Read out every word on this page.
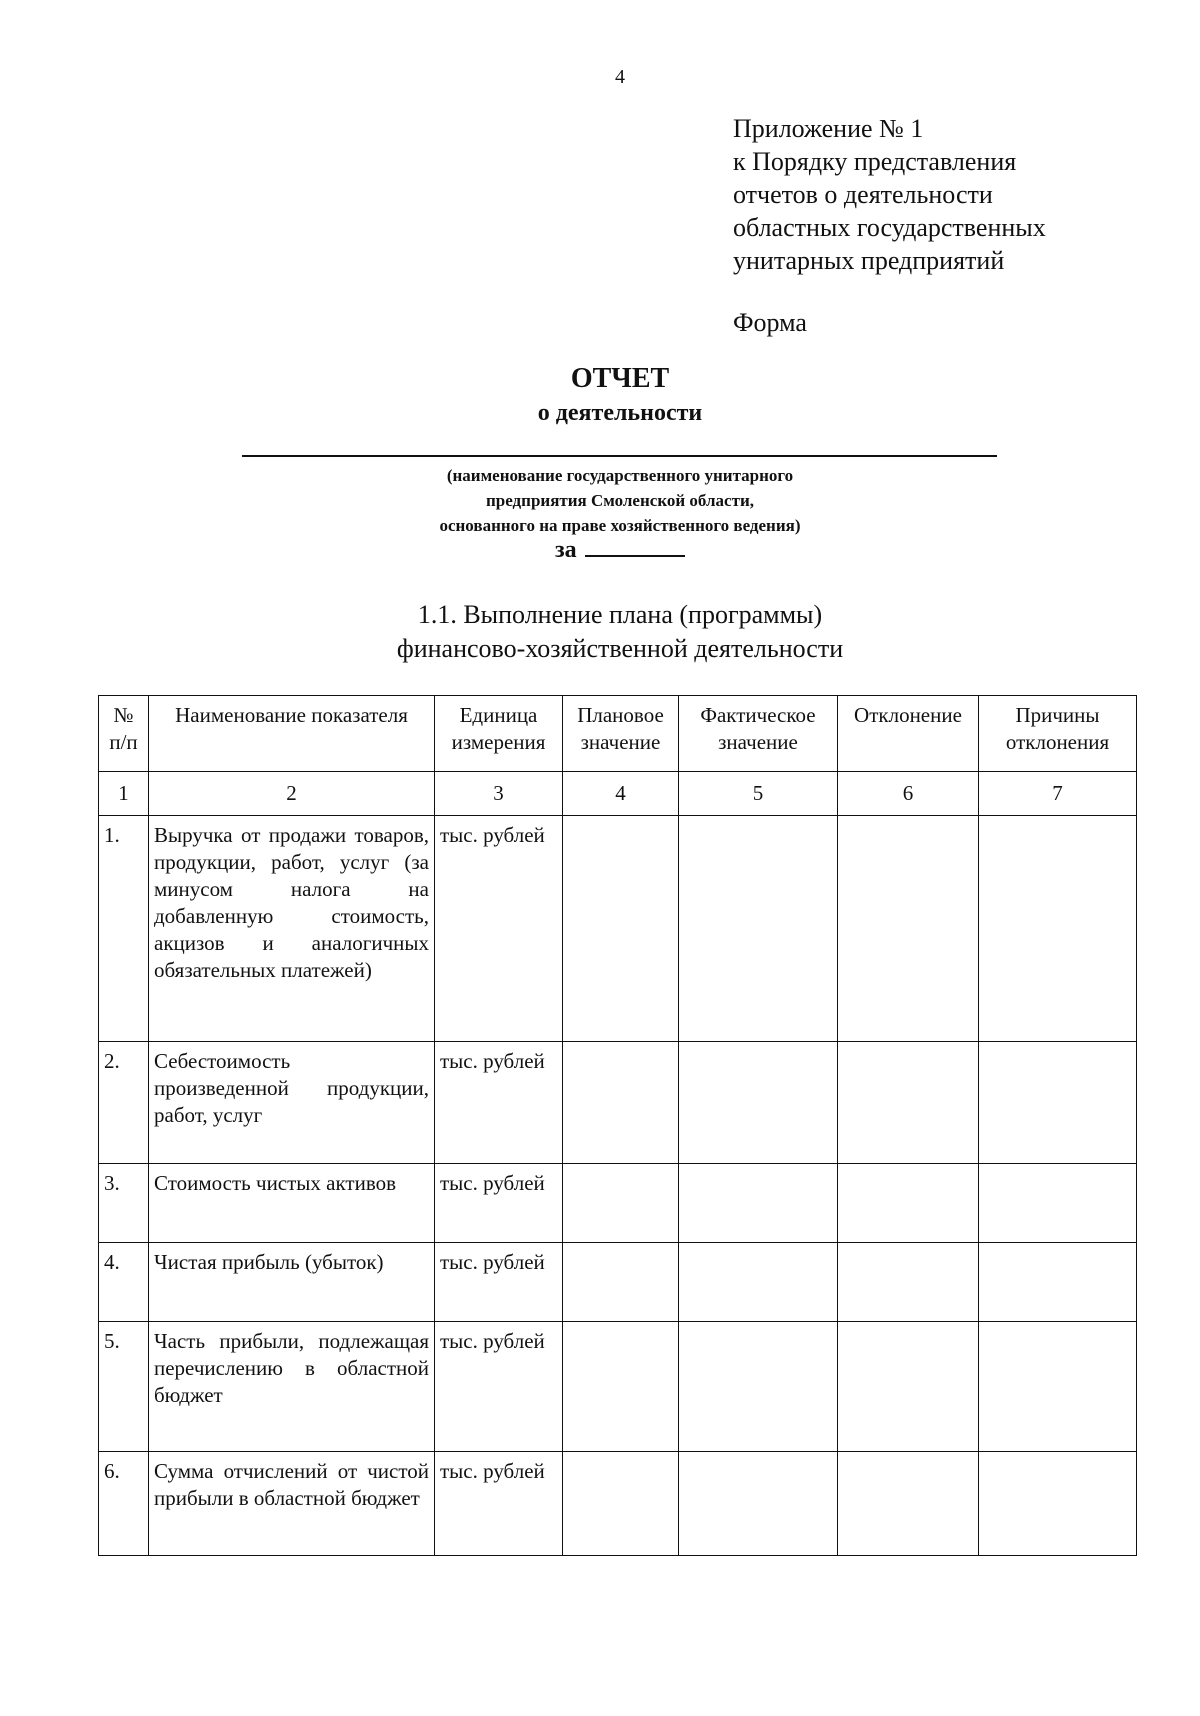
4
Приложение № 1
к Порядку представления
отчетов о деятельности
областных государственных
унитарных предприятий
Форма
ОТЧЕТ
о деятельности
(наименование государственного унитарного
предприятия Смоленской области,
основанного на праве хозяйственного ведения)
за
1.1. Выполнение плана (программы)
финансово-хозяйственной деятельности
№ п/п	Наименование показателя	Единица измерения	Плановое значение	Фактическое значение	Отклонение	Причины отклонения
1	2	3	4	5	6	7
1.	Выручка от продажи товаров, продукции, работ, услуг (за минусом налога на добавленную стоимость, акцизов и аналогичных обязательных платежей)	тыс. рублей				
2.	Себестоимость произведенной продукции, работ, услуг	тыс. рублей				
3.	Стоимость чистых активов	тыс. рублей				
4.	Чистая прибыль (убыток)	тыс. рублей				
5.	Часть прибыли, подлежащая перечислению в областной бюджет	тыс. рублей				
6.	Сумма отчислений от чистой прибыли в областной бюджет	тыс. рублей				
